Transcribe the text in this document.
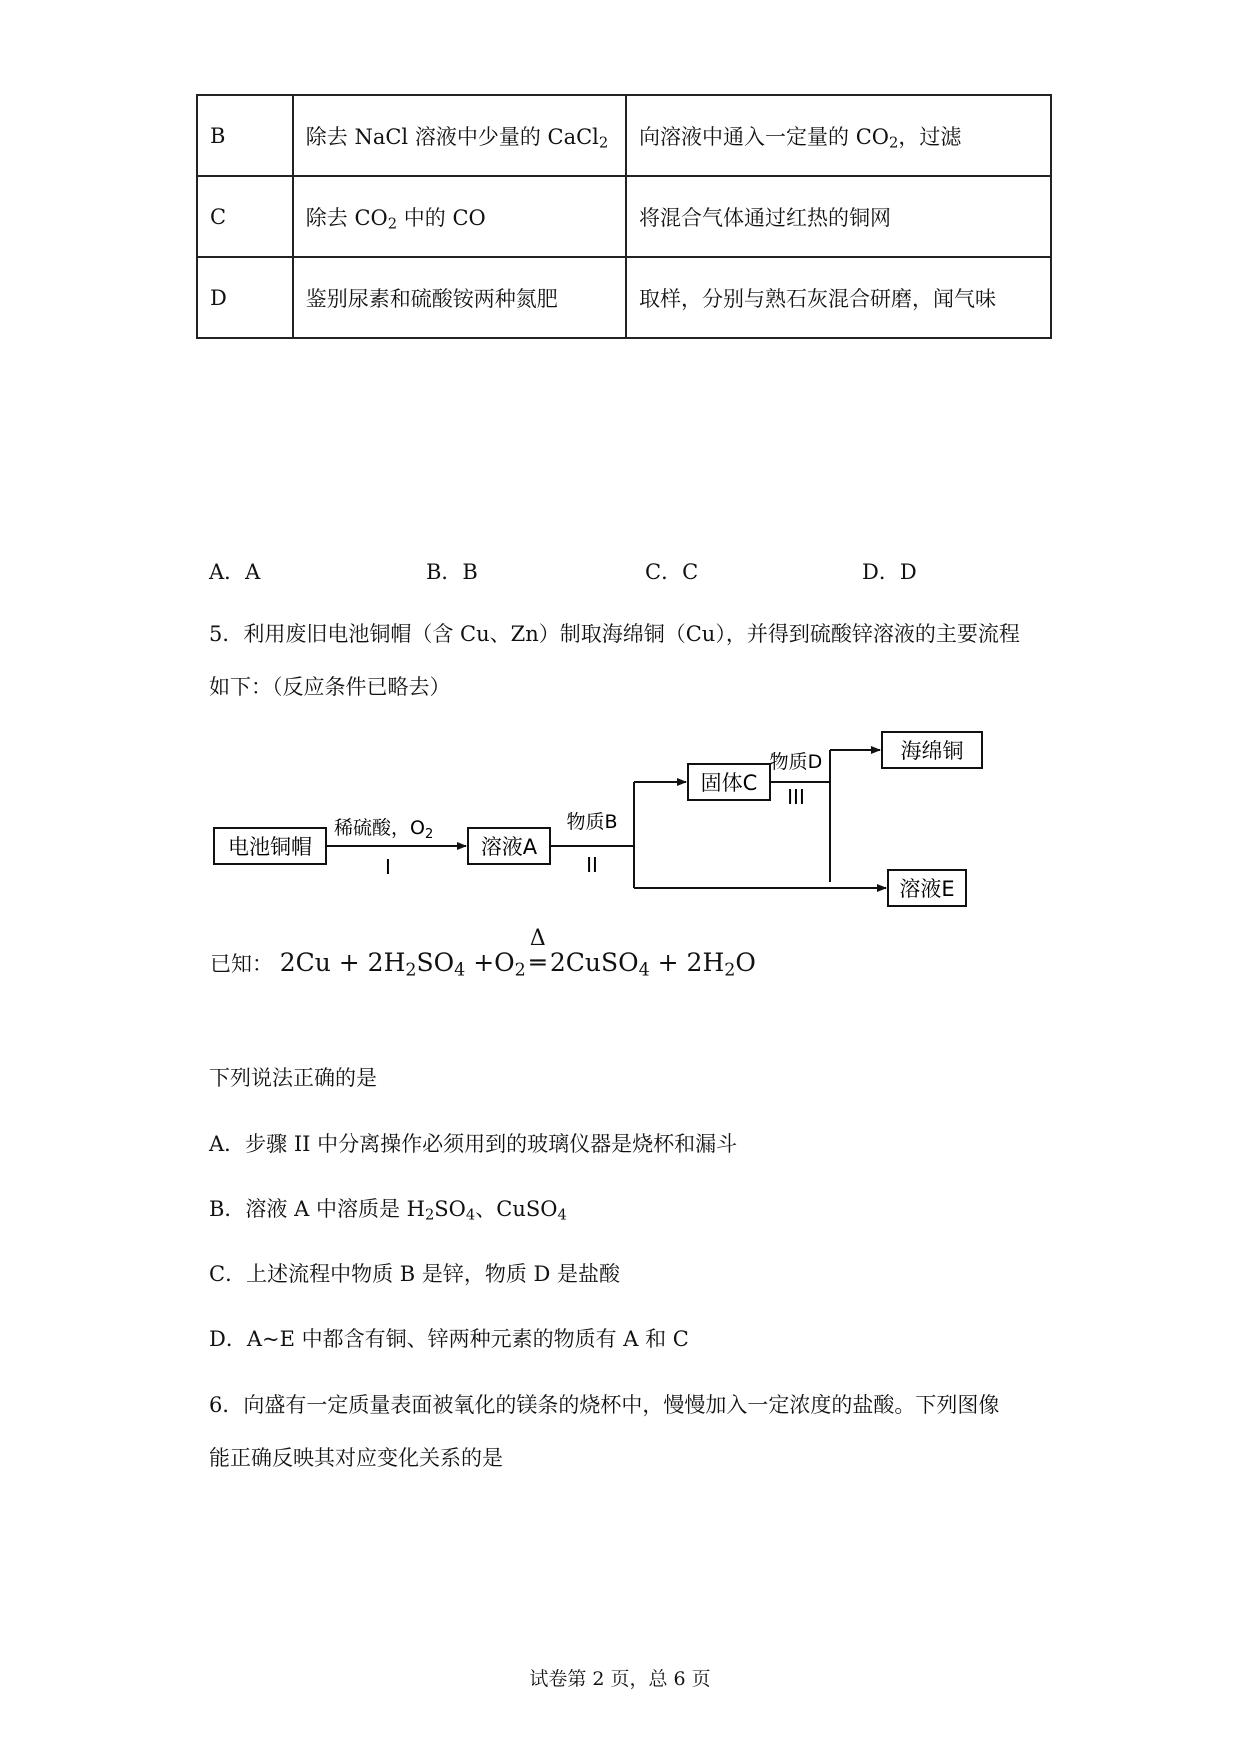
B	除去 NaCl 溶液中少量的 CaCl$_2$	向溶液中通入一定量的 $CO_2$，过滤
C	除去 $CO_2$ 中的 CO	将混合气体通过红热的铜网
D	鉴别尿素和硫酸铵两种氮肥	取样，分别与熟石灰混合研磨，闻气味
A．A	B．B	C．C	D．D
5．利用废旧电池铜帽（含 Cu、Zn）制取海绵铜（Cu），并得到硫酸锌溶液的主要流程
如下：（反应条件已略去）
电池铜帽	溶液A
固体C
海绵铜
溶液E
稀硫酸，$O_2$
I
物质B
II
物质D
III
已知： $2Cu + 2H_2SO_4 +O_2$
Δ
═ 2CuSO$_4$ + $2H_2O$
下列说法正确的是
A．步骤 II 中分离操作必须用到的玻璃仪器是烧杯和漏斗
B．溶液 A 中溶质是 $H_2SO_4$、CuSO$_4$
C．上述流程中物质 B 是锌，物质 D 是盐酸
D．A~E 中都含有铜、锌两种元素的物质有 A 和 C
6．向盛有一定质量表面被氧化的镁条的烧杯中，慢慢加入一定浓度的盐酸。下列图像
能正确反映其对应变化关系的是
试卷第 2 页，总 6 页
